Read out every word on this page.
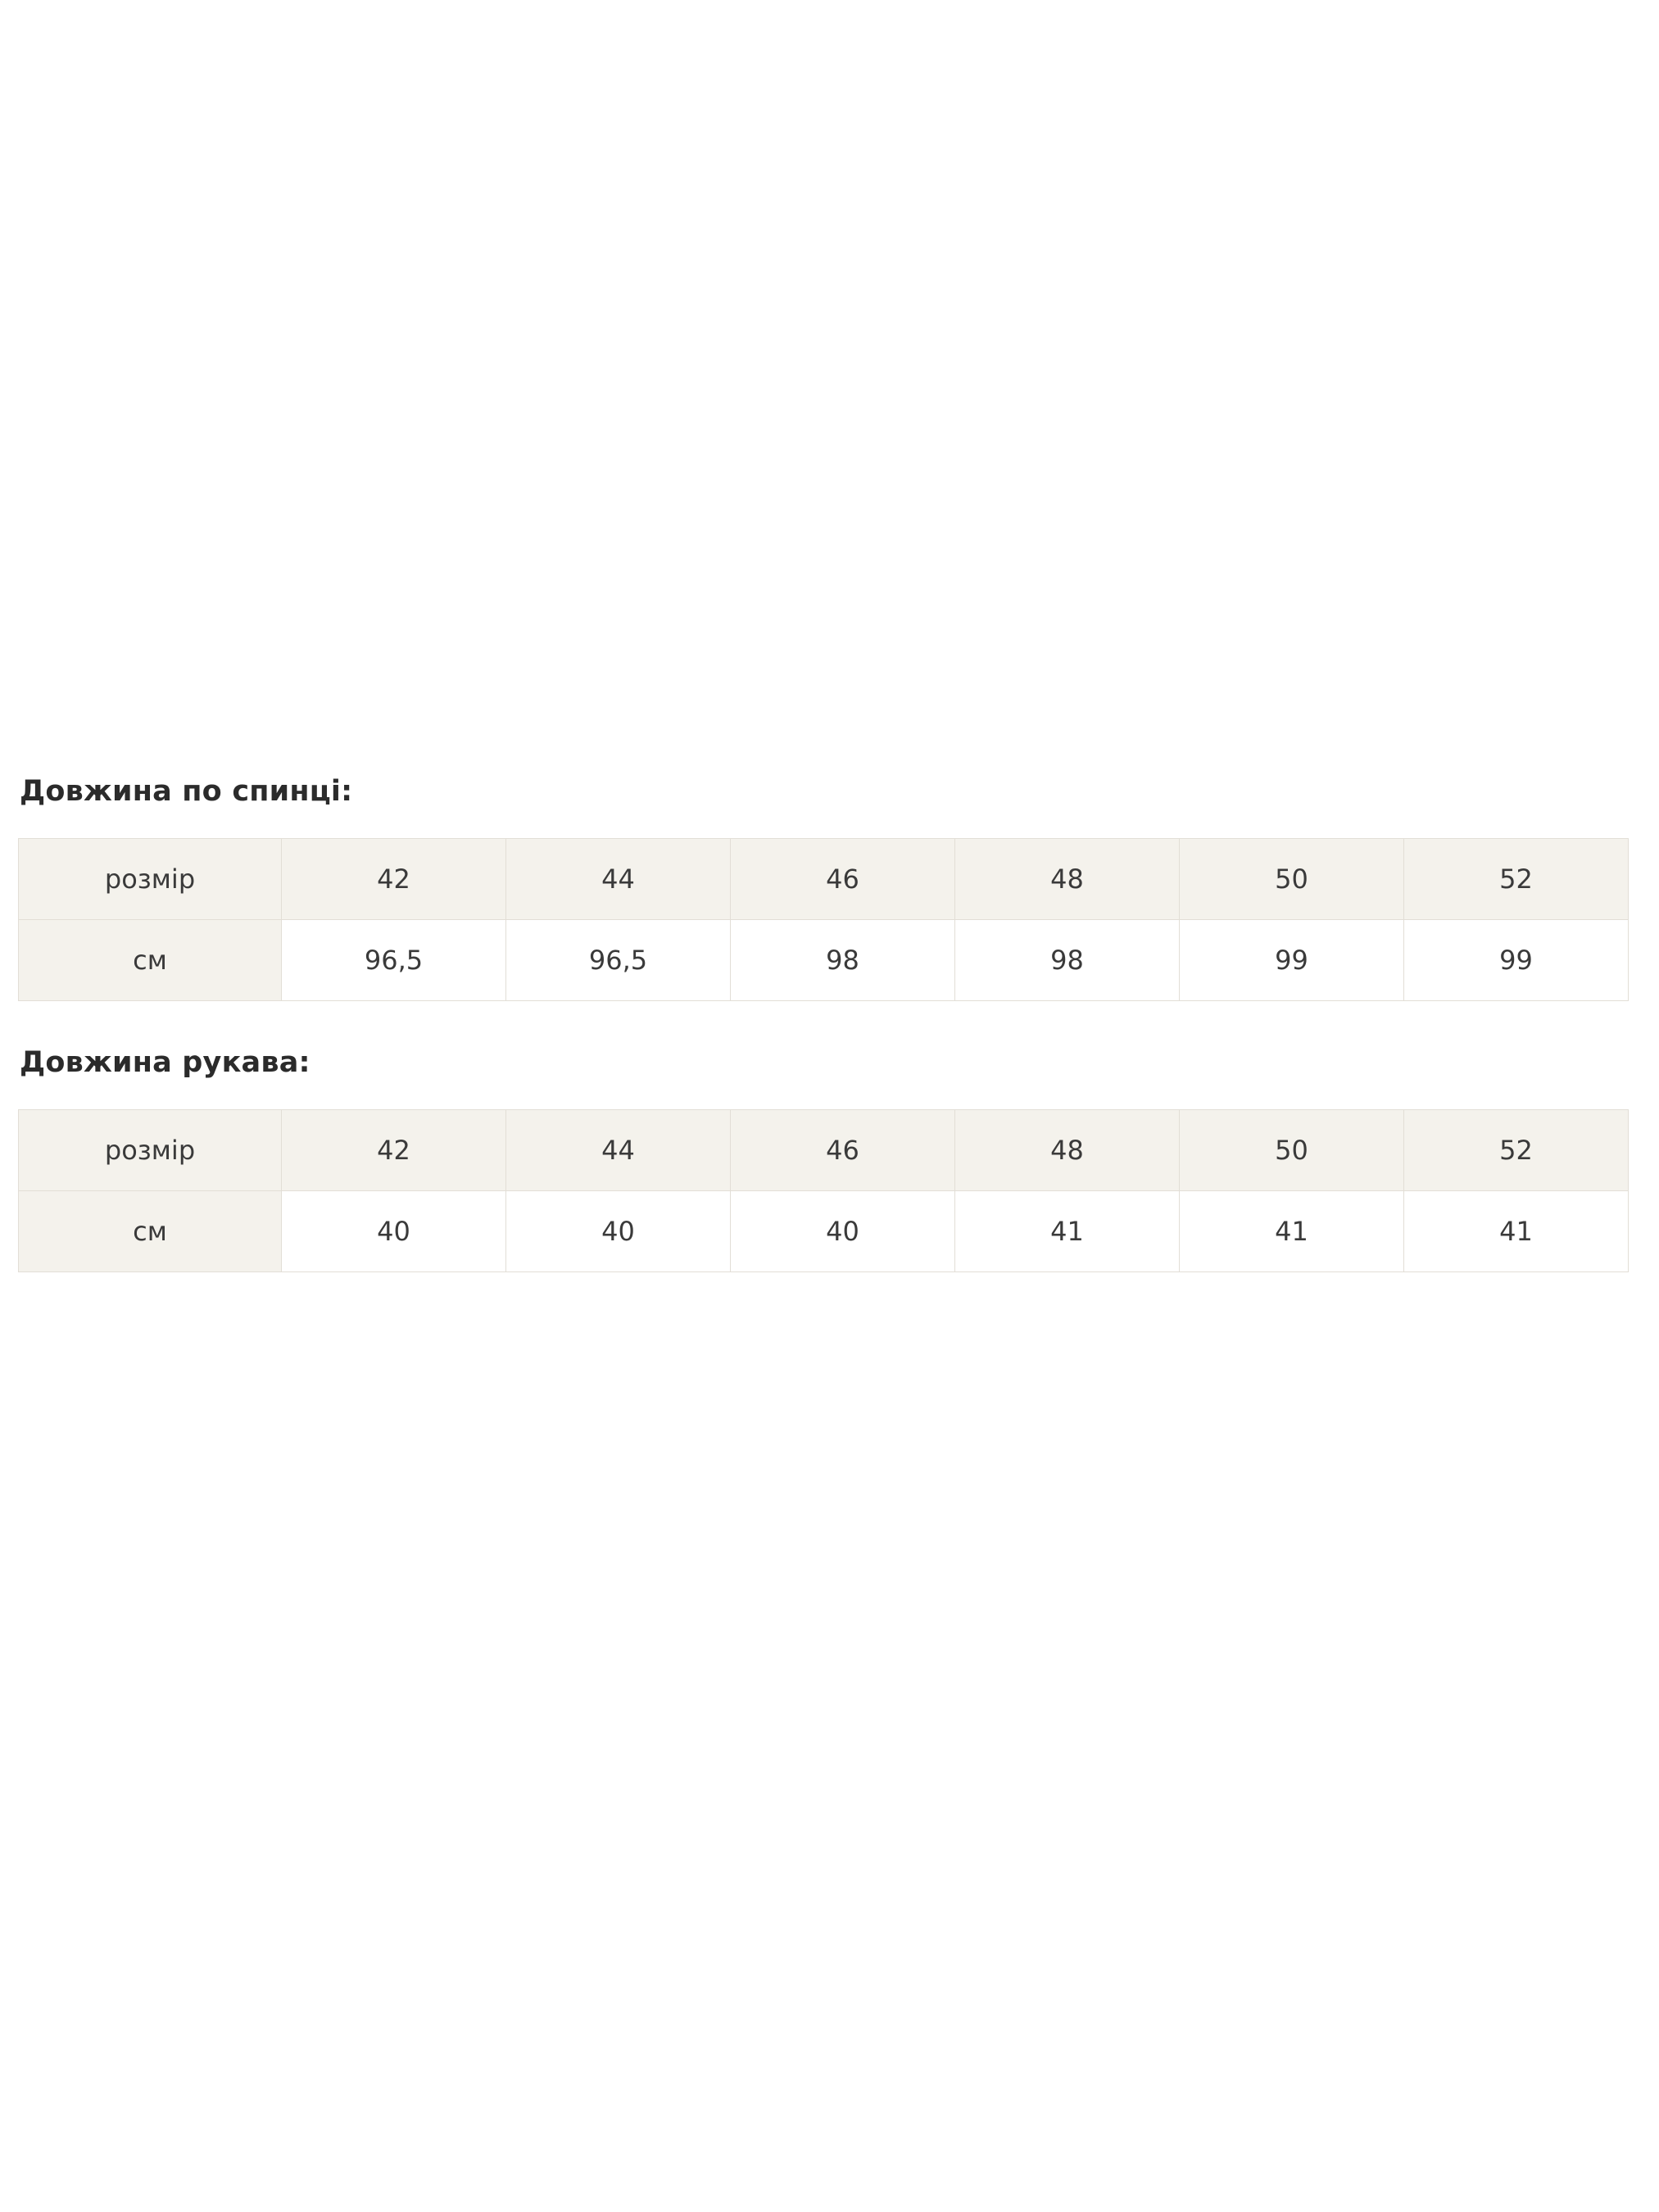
Довжина по спинці:
розмір	42	44	46	48	50	52
см	96,5	96,5	98	98	99	99
Довжина рукава:
розмір	42	44	46	48	50	52
см	40	40	40	41	41	41
